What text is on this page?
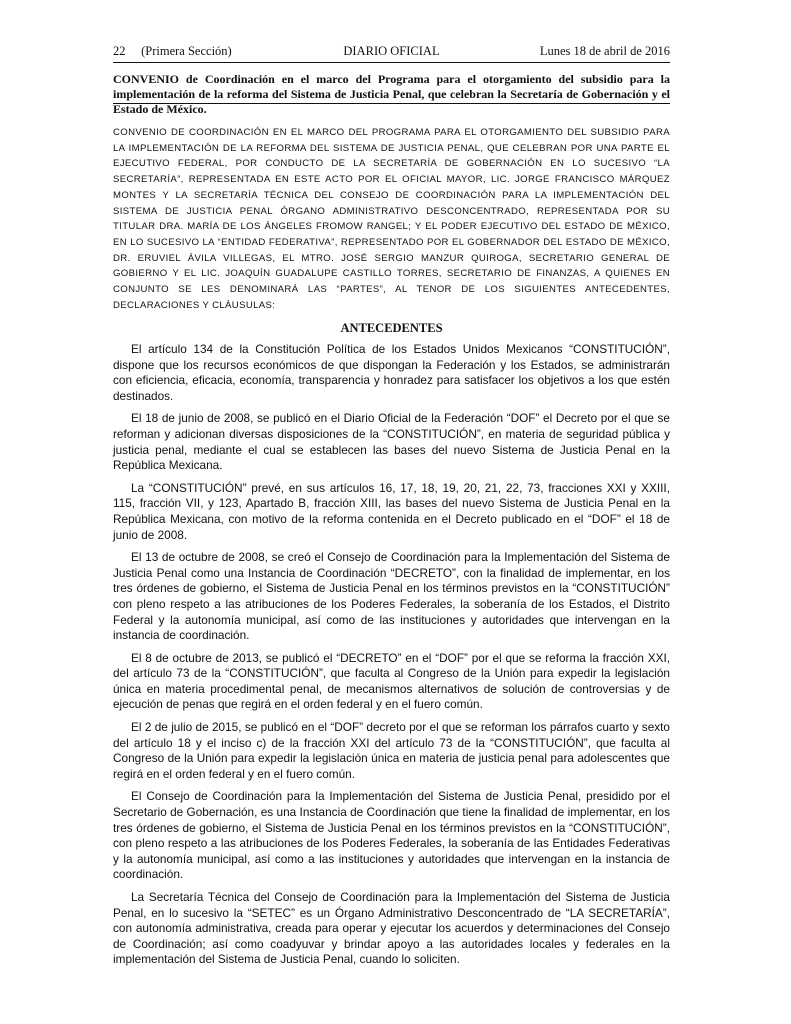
DIARIO OFICIAL
22     (Primera Sección)	Lunes 18 de abril de 2016
CONVENIO de Coordinación en el marco del Programa para el otorgamiento del subsidio para la implementación de la reforma del Sistema de Justicia Penal, que celebran la Secretaría de Gobernación y el Estado de México.

CONVENIO DE COORDINACIÓN EN EL MARCO DEL PROGRAMA PARA EL OTORGAMIENTO DEL SUBSIDIO PARA LA IMPLEMENTACIÓN DE LA REFORMA DEL SISTEMA DE JUSTICIA PENAL, QUE CELEBRAN POR UNA PARTE EL EJECUTIVO FEDERAL, POR CONDUCTO DE LA SECRETARÍA DE GOBERNACIÓN EN LO SUCESIVO “LA SECRETARÍA”, REPRESENTADA EN ESTE ACTO POR EL OFICIAL MAYOR, LIC. JORGE FRANCISCO MÁRQUEZ MONTES Y LA SECRETARÍA TÉCNICA DEL CONSEJO DE COORDINACIÓN PARA LA IMPLEMENTACIÓN DEL SISTEMA DE JUSTICIA PENAL ÓRGANO ADMINISTRATIVO DESCONCENTRADO, REPRESENTADA POR SU TITULAR DRA. MARÍA DE LOS ÁNGELES FROMOW RANGEL; Y EL PODER EJECUTIVO DEL ESTADO DE MÉXICO, EN LO SUCESIVO LA “ENTIDAD FEDERATIVA”, REPRESENTADO POR EL GOBERNADOR DEL ESTADO DE MÉXICO, DR. ERUVIEL ÁVILA VILLEGAS, EL MTRO. JOSÉ SERGIO MANZUR QUIROGA, SECRETARIO GENERAL DE GOBIERNO Y EL LIC. JOAQUÍN GUADALUPE CASTILLO TORRES, SECRETARIO DE FINANZAS, A QUIENES EN CONJUNTO SE LES DENOMINARÁ LAS “PARTES”, AL TENOR DE LOS SIGUIENTES ANTECEDENTES, DECLARACIONES Y CLÁUSULAS:

ANTECEDENTES

El artículo 134 de la Constitución Política de los Estados Unidos Mexicanos “CONSTITUCIÓN”, dispone que los recursos económicos de que dispongan la Federación y los Estados, se administrarán con eficiencia, eficacia, economía, transparencia y honradez para satisfacer los objetivos a los que estén destinados.

El 18 de junio de 2008, se publicó en el Diario Oficial de la Federación “DOF” el Decreto por el que se reforman y adicionan diversas disposiciones de la “CONSTITUCIÓN”, en materia de seguridad pública y justicia penal, mediante el cual se establecen las bases del nuevo Sistema de Justicia Penal en la República Mexicana.

La “CONSTITUCIÓN” prevé, en sus artículos 16, 17, 18, 19, 20, 21, 22, 73, fracciones XXI y XXIII, 115, fracción VII, y 123, Apartado B, fracción XIII, las bases del nuevo Sistema de Justicia Penal en la República Mexicana, con motivo de la reforma contenida en el Decreto publicado en el “DOF” el 18 de junio de 2008.

El 13 de octubre de 2008, se creó el Consejo de Coordinación para la Implementación del Sistema de Justicia Penal como una Instancia de Coordinación “DECRETO”, con la finalidad de implementar, en los tres órdenes de gobierno, el Sistema de Justicia Penal en los términos previstos en la “CONSTITUCIÓN” con pleno respeto a las atribuciones de los Poderes Federales, la soberanía de los Estados, el Distrito Federal y la autonomía municipal, así como de las instituciones y autoridades que intervengan en la instancia de coordinación.

El 8 de octubre de 2013, se publicó el “DECRETO” en el “DOF” por el que se reforma la fracción XXI, del artículo 73 de la “CONSTITUCIÓN”, que faculta al Congreso de la Unión para expedir la legislación única en materia procedimental penal, de mecanismos alternativos de solución de controversias y de ejecución de penas que regirá en el orden federal y en el fuero común.

El 2 de julio de 2015, se publicó en el “DOF” decreto por el que se reforman los párrafos cuarto y sexto del artículo 18 y el inciso c) de la fracción XXI del artículo 73 de la “CONSTITUCIÓN”, que faculta al Congreso de la Unión para expedir la legislación única en materia de justicia penal para adolescentes que regirá en el orden federal y en el fuero común.

El Consejo de Coordinación para la Implementación del Sistema de Justicia Penal, presidido por el Secretario de Gobernación, es una Instancia de Coordinación que tiene la finalidad de implementar, en los tres órdenes de gobierno, el Sistema de Justicia Penal en los términos previstos en la “CONSTITUCIÓN”, con pleno respeto a las atribuciones de los Poderes Federales, la soberanía de las Entidades Federativas y la autonomía municipal, así como a las instituciones y autoridades que intervengan en la instancia de coordinación.

La Secretaría Técnica del Consejo de Coordinación para la Implementación del Sistema de Justicia Penal, en lo sucesivo la “SETEC” es un Órgano Administrativo Desconcentrado de “LA SECRETARÍA”, con autonomía administrativa, creada para operar y ejecutar los acuerdos y determinaciones del Consejo de Coordinación; así como coadyuvar y brindar apoyo a las autoridades locales y federales en la implementación del Sistema de Justicia Penal, cuando lo soliciten.
